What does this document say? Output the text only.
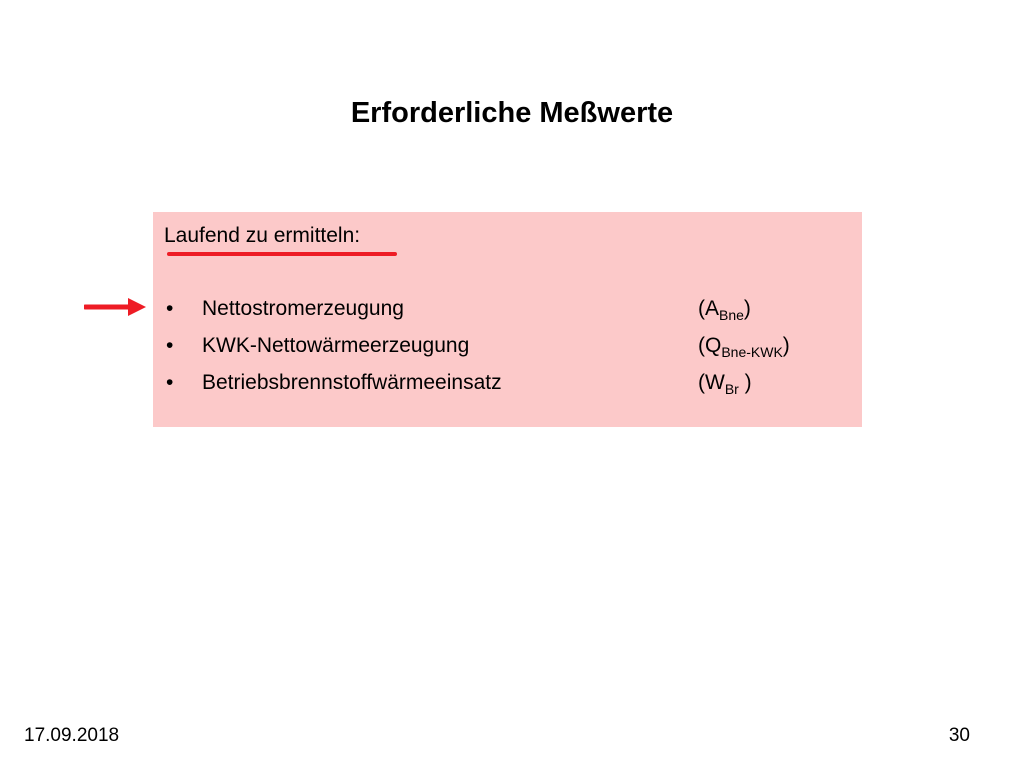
Erforderliche Meßwerte
Laufend zu ermitteln:
• Nettostromerzeugung	$(A_{Bne})$
• KWK-Nettowärmeerzeugung	$(Q_{Bne-KWK})$
• Betriebsbrennstoffwärmeeinsatz	($W_{Br}$ )
17.09.2018	30
